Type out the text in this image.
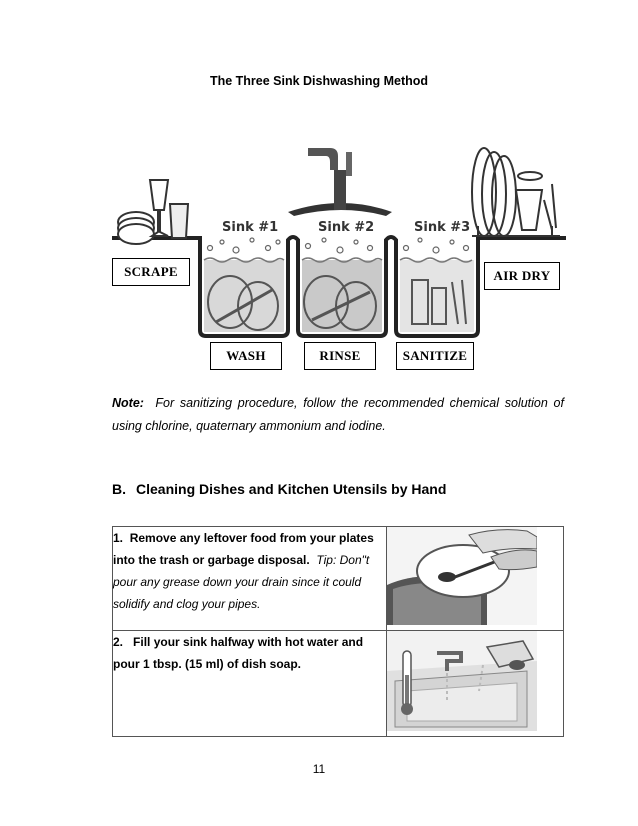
The Three Sink Dishwashing Method
Sink #1	Sink #2	Sink #3
SCRAPE	AIR DRY
WASH	RINSE	SANITIZE
Note: For sanitizing procedure, follow the recommended chemical solution of using chlorine, quaternary ammonium and iodine.
B. Cleaning Dishes and Kitchen Utensils by Hand
1. Remove any leftover food from your plates into the trash or garbage disposal. Tip: Don"t pour any grease down your drain since it could solidify and clog your pipes.	
2. Fill your sink halfway with hot water and pour 1 tbsp. (15 ml) of dish soap.	
11
